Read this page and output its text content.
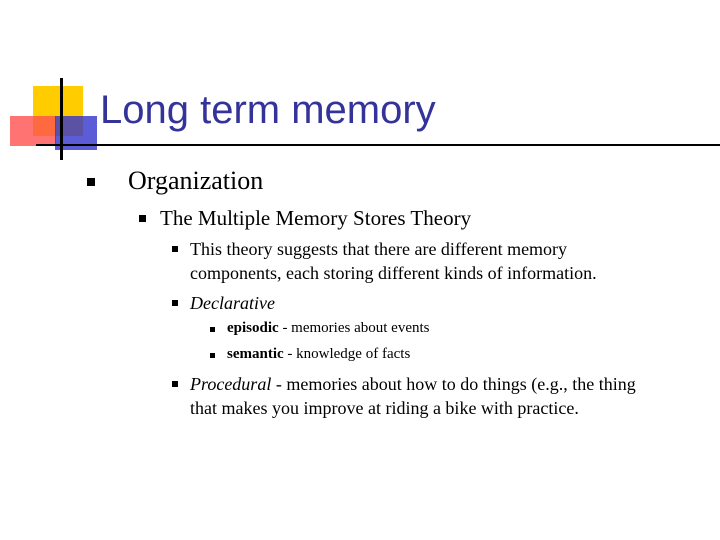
Long term memory
Organization
The Multiple Memory Stores Theory
This theory suggests that there are different memory
components, each storing different kinds of information.
Declarative
episodic - memories about events
semantic - knowledge of facts
Procedural - memories about how to do things (e.g., the thing
that makes you improve at riding a bike with practice.
